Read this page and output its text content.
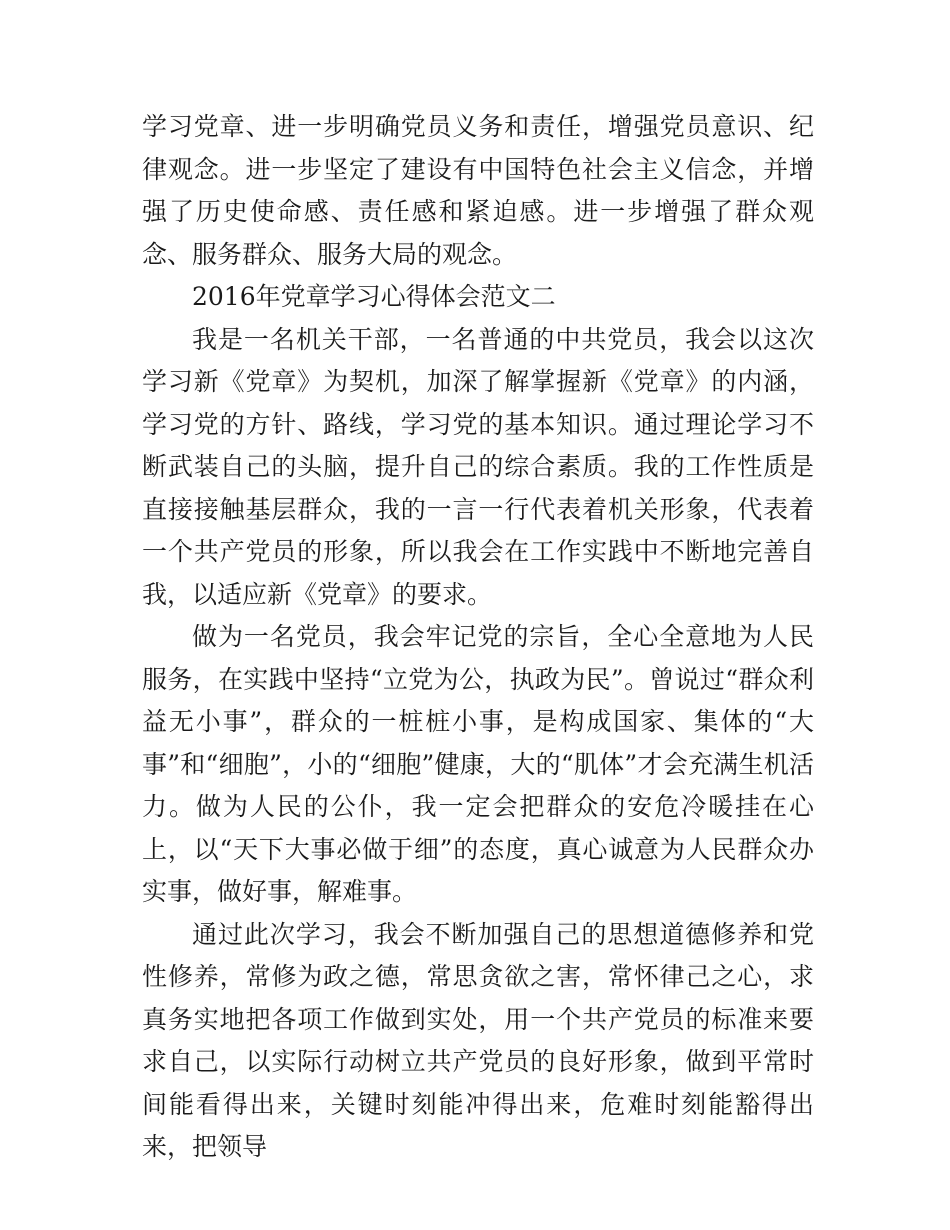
学习党章、进一步明确党员义务和责任，增强党员意识、纪律观念。进一步坚定了建设有中国特色社会主义信念，并增强了历史使命感、责任感和紧迫感。进一步增强了群众观念、服务群众、服务大局的观念。

2016年党章学习心得体会范文二

我是一名机关干部，一名普通的中共党员，我会以这次学习新《党章》为契机，加深了解掌握新《党章》的内涵，学习党的方针、路线，学习党的基本知识。通过理论学习不断武装自己的头脑，提升自己的综合素质。我的工作性质是直接接触基层群众，我的一言一行代表着机关形象，代表着一个共产党员的形象，所以我会在工作实践中不断地完善自我，以适应新《党章》的要求。

做为一名党员，我会牢记党的宗旨，全心全意地为人民服务，在实践中坚持“立党为公，执政为民”。曾说过“群众利益无小事”，群众的一桩桩小事，是构成国家、集体的“大事”和“细胞”，小的“细胞”健康，大的“肌体”才会充满生机活力。做为人民的公仆，我一定会把群众的安危冷暖挂在心上，以“天下大事必做于细”的态度，真心诚意为人民群众办实事，做好事，解难事。

通过此次学习，我会不断加强自己的思想道德修养和党性修养，常修为政之德，常思贪欲之害，常怀律己之心，求真务实地把各项工作做到实处，用一个共产党员的标准来要求自己，以实际行动树立共产党员的良好形象，做到平常时间能看得出来，关键时刻能冲得出来，危难时刻能豁得出来，把领导
